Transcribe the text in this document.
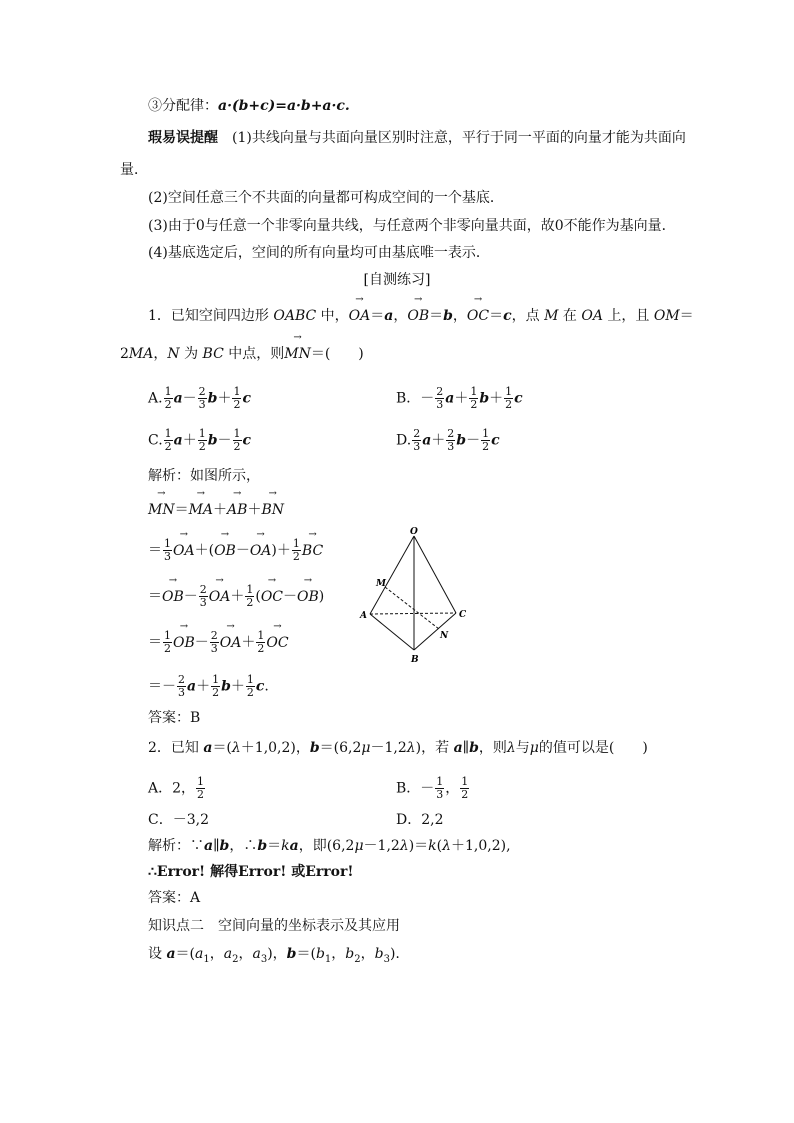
③分配律：a·(b+c)=a·b+a·c.
瑕易误提醒　 (1)共线向量与共面向量区别时注意，平行于同一平面的向量才能为共面向
量．
(2)空间任意三个不共面的向量都可构成空间的一个基底．
(3)由于0与任意一个非零向量共线，与任意两个非零向量共面，故0不能作为基向量．
(4)基底选定后，空间的所有向量均可由基底唯一表示．
[自测练习]
1．已知空间四边形 OABC 中，→ OA＝a，→ OB＝b，→ OC＝c，点 M 在 OA 上，且 OM＝
2MA，N 为 BC 中点，则→ MN＝(　　)
A. $\frac{1}{2} a- \frac{2}{3} b+ \frac{1}{2}$ c	B．－ $\frac{2}{3} a+ \frac{1}{2} b+ \frac{1}{2}$ c
C. $\frac{1}{2} a+ \frac{1}{2} b- \frac{1}{2}$ c	D. $\frac{2}{3} a+ \frac{2}{3} b- \frac{1}{2}$ c
解析：如图所示，
→ MN＝→ MA＋→ AB＋→ BN
＝ $\frac{1}{3}$
→ $OA+(\to OB-\to OA)+ \frac{1}{2}$
→ BC
＝→ $OB- \frac{2}{3}$
→ $OA+ \frac{1}{2}$ (→ OC－→ OB)
＝ $\frac{1}{2}$
→ $OB- \frac{2}{3}$
→ $OA+ \frac{1}{2}$
→ OC
＝－ $\frac{2}{3} a+ \frac{1}{2} b+ \frac{1}{2} c$.
答案：B
O
M
A	C
N
B
2．已知 a＝(λ＋1,0,2)，b＝(6,2μ－1,2λ)，若 a∥b，则λ与μ的值可以是(　　)
A．2， $\frac{1}{2}$	B．－ $\frac{1}{3}$ ， $\frac{1}{2}$
C．－3,2	D．2,2
解析：∵a∥b，∴b＝ka，即(6,2μ－1,2λ)＝k(λ＋1,0,2),
∴Error! 解得Error! 或Error!
答案：A
知识点二　空间向量的坐标表示及其应用
设 $a=(a_1$，$a_2$，$a_3$)，$b=(b_1$，$b_2$，$b_3$).
